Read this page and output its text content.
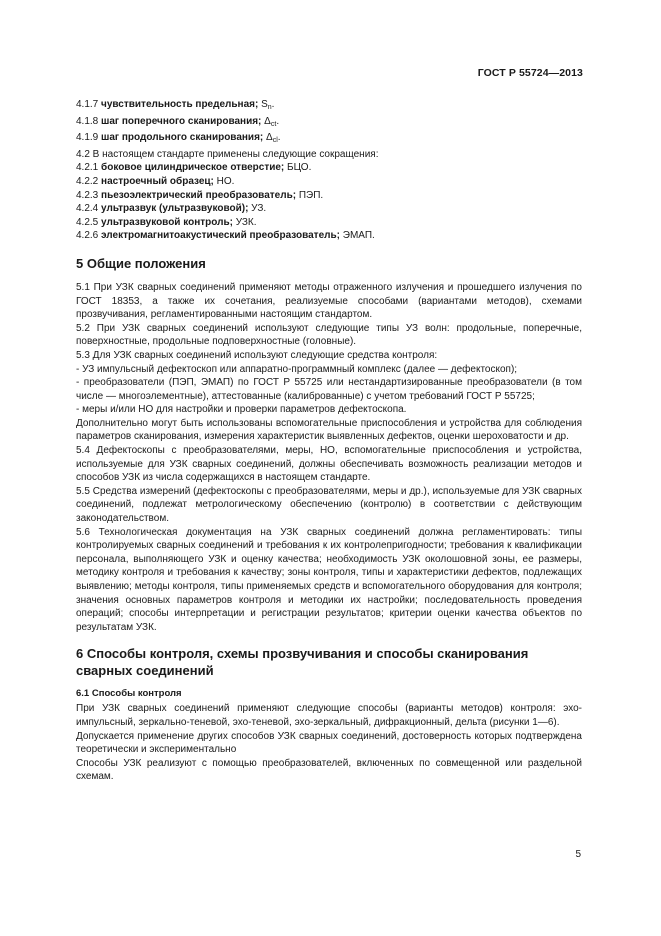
ГОСТ Р 55724—2013
4.1.7 чувствительность предельная; $S_n$.
4.1.8 шаг поперечного сканирования; $\Delta_{ct}$.
4.1.9 шаг продольного сканирования; $\Delta_{cl}$.
4.2 В настоящем стандарте применены следующие сокращения:
4.2.1 боковое цилиндрическое отверстие; БЦО.
4.2.2 настроечный образец; НО.
4.2.3 пьезоэлектрический преобразователь; ПЭП.
4.2.4 ультразвук (ультразвуковой); УЗ.
4.2.5 ультразвуковой контроль; УЗК.
4.2.6 электромагнитоакустический преобразователь; ЭМАП.
5 Общие положения
5.1 При УЗК сварных соединений применяют методы отраженного излучения и прошедшего излучения по ГОСТ 18353, а также их сочетания, реализуемые способами (вариантами методов), схемами прозвучивания, регламентированными настоящим стандартом.
5.2 При УЗК сварных соединений используют следующие типы УЗ волн: продольные, поперечные, поверхностные, продольные подповерхностные (головные).
5.3 Для УЗК сварных соединений используют следующие средства контроля:
- УЗ импульсный дефектоскоп или аппаратно-программный комплекс (далее — дефектоскоп);
- преобразователи (ПЭП, ЭМАП) по ГОСТ Р 55725 или нестандартизированные преобразователи (в том числе — многоэлементные), аттестованные (калиброванные) с учетом требований ГОСТ Р 55725;
- меры и/или НО для настройки и проверки параметров дефектоскопа.
Дополнительно могут быть использованы вспомогательные приспособления и устройства для соблюдения параметров сканирования, измерения характеристик выявленных дефектов, оценки шероховатости и др.
5.4 Дефектоскопы с преобразователями, меры, НО, вспомогательные приспособления и устройства, используемые для УЗК сварных соединений, должны обеспечивать возможность реализации методов и способов УЗК из числа содержащихся в настоящем стандарте.
5.5 Средства измерений (дефектоскопы с преобразователями, меры и др.), используемые для УЗК сварных соединений, подлежат метрологическому обеспечению (контролю) в соответствии с действующим законодательством.
5.6 Технологическая документация на УЗК сварных соединений должна регламентировать: типы контролируемых сварных соединений и требования к их контролепригодности; требования к квалификации персонала, выполняющего УЗК и оценку качества; необходимость УЗК околошовной зоны, ее размеры, методику контроля и требования к качеству; зоны контроля, типы и характеристики дефектов, подлежащих выявлению; методы контроля, типы применяемых средств и вспомогательного оборудования для контроля; значения основных параметров контроля и методики их настройки; последовательность проведения операций; способы интерпретации и регистрации результатов; критерии оценки качества объектов по результатам УЗК.
6 Способы контроля, схемы прозвучивания и способы сканирования сварных соединений
6.1 Способы контроля
При УЗК сварных соединений применяют следующие способы (варианты методов) контроля: эхо-импульсный, зеркально-теневой, эхо-теневой, эхо-зеркальный, дифракционный, дельта (рисунки 1—6).
Допускается применение других способов УЗК сварных соединений, достоверность которых подтверждена теоретически и экспериментально
Способы УЗК реализуют с помощью преобразователей, включенных по совмещенной или раздельной схемам.
5
